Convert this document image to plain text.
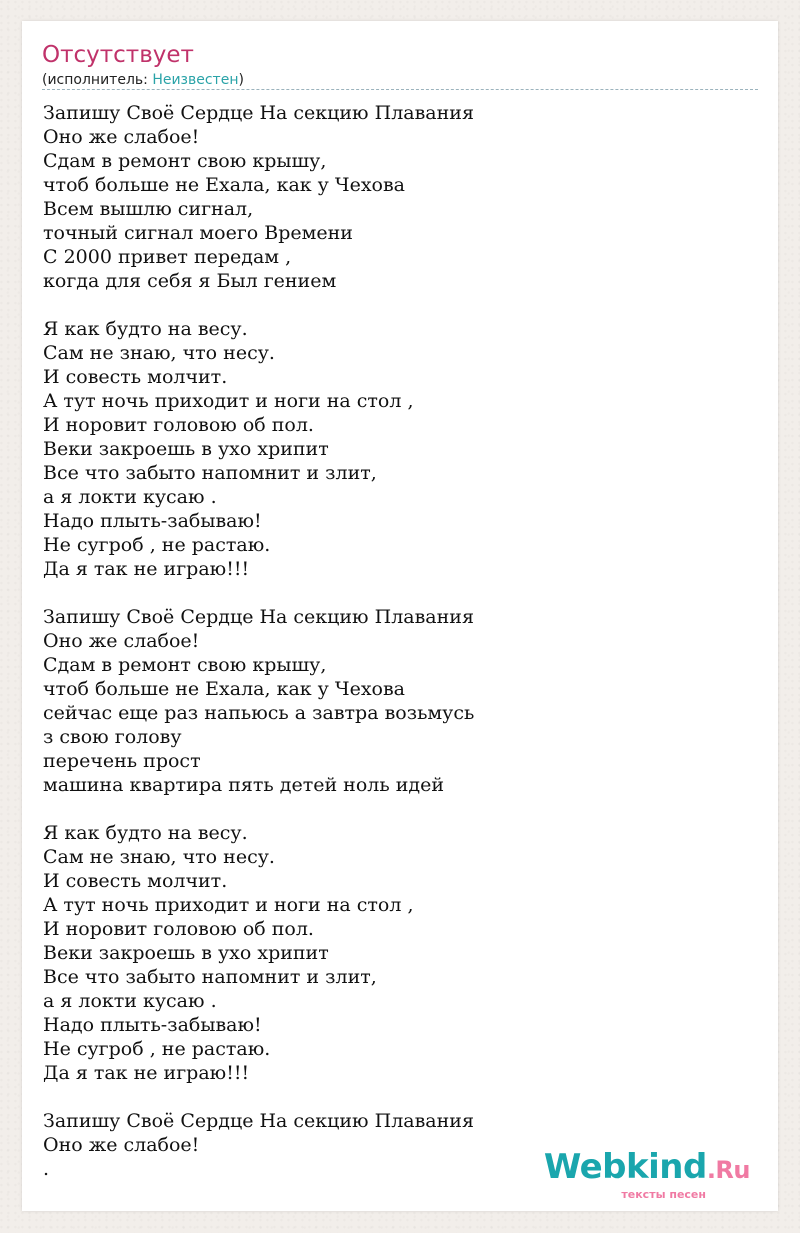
Отсутствует
(исполнитель: Неизвестен)
Запишу Своё Сердце На секцию Плавания
Оно же слабое!
Сдам в ремонт свою крышу,
чтоб больше не Ехала, как у Чехова
Всем вышлю сигнал,
точный сигнал моего Времени
С 2000 привет передам ,
когда для себя я Был гением
Я как будто на весу.
Сам не знаю, что несу.
И совесть молчит.
А тут ночь приходит и ноги на стол ,
И норовит головою об пол.
Веки закроешь в ухо хрипит
Все что забыто напомнит и злит,
а я локти кусаю .
Надо плыть-забываю!
Не сугроб , не растаю.
Да я так не играю!!!
Запишу Своё Сердце На секцию Плавания
Оно же слабое!
Сдам в ремонт свою крышу,
чтоб больше не Ехала, как у Чехова
сейчас еще раз напьюсь а завтра возьмусь
з свою голову
перечень прост
машина квартира пять детей ноль идей
Я как будто на весу.
Сам не знаю, что несу.
И совесть молчит.
А тут ночь приходит и ноги на стол ,
И норовит головою об пол.
Веки закроешь в ухо хрипит
Все что забыто напомнит и злит,
а я локти кусаю .
Надо плыть-забываю!
Не сугроб , не растаю.
Да я так не играю!!!
Запишу Своё Сердце На секцию Плавания
Оно же слабое!
.	Webkind.Ru
тексты песен
